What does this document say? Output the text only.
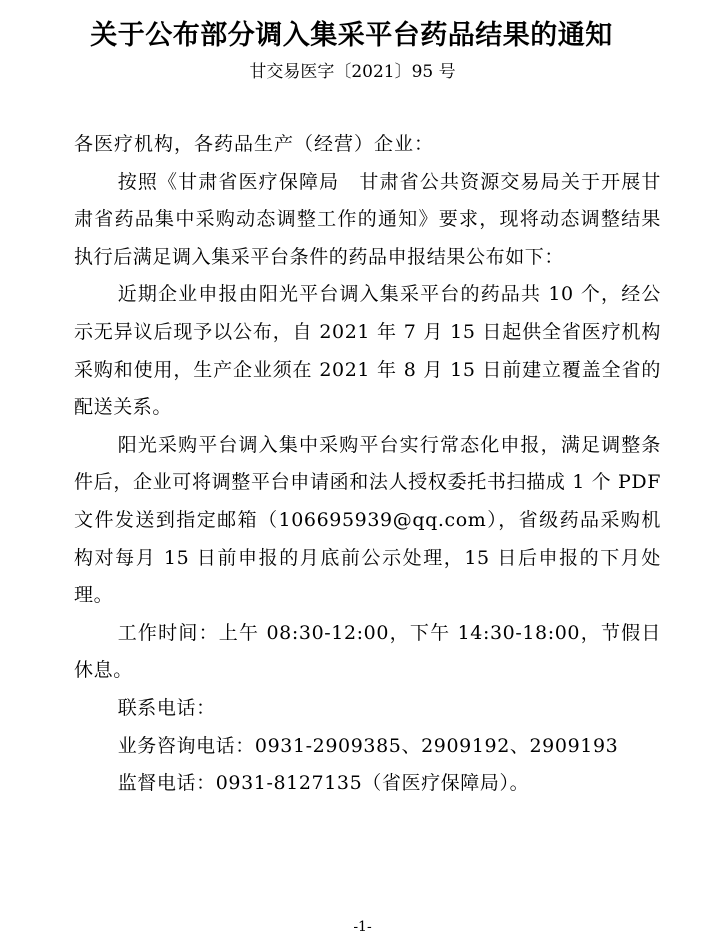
关于公布部分调入集采平台药品结果的通知
甘交易医字〔2021〕95 号

各医疗机构，各药品生产（经营）企业：

按照《甘肃省医疗保障局　甘肃省公共资源交易局关于开展甘肃省药品集中采购动态调整工作的通知》要求，现将动态调整结果执行后满足调入集采平台条件的药品申报结果公布如下：

近期企业申报由阳光平台调入集采平台的药品共 10 个，经公示无异议后现予以公布，自 2021 年 7 月 15 日起供全省医疗机构采购和使用，生产企业须在 2021 年 8 月 15 日前建立覆盖全省的配送关系。

阳光采购平台调入集中采购平台实行常态化申报，满足调整条件后，企业可将调整平台申请函和法人授权委托书扫描成 1 个 PDF 文件发送到指定邮箱（106695939@qq.com），省级药品采购机构对每月 15 日前申报的月底前公示处理，15 日后申报的下月处理。

工作时间：上午 08:30-12:00，下午 14:30-18:00，节假日休息。

联系电话：

业务咨询电话：0931-2909385、2909192、2909193

监督电话：0931-8127135（省医疗保障局）。

-1-
